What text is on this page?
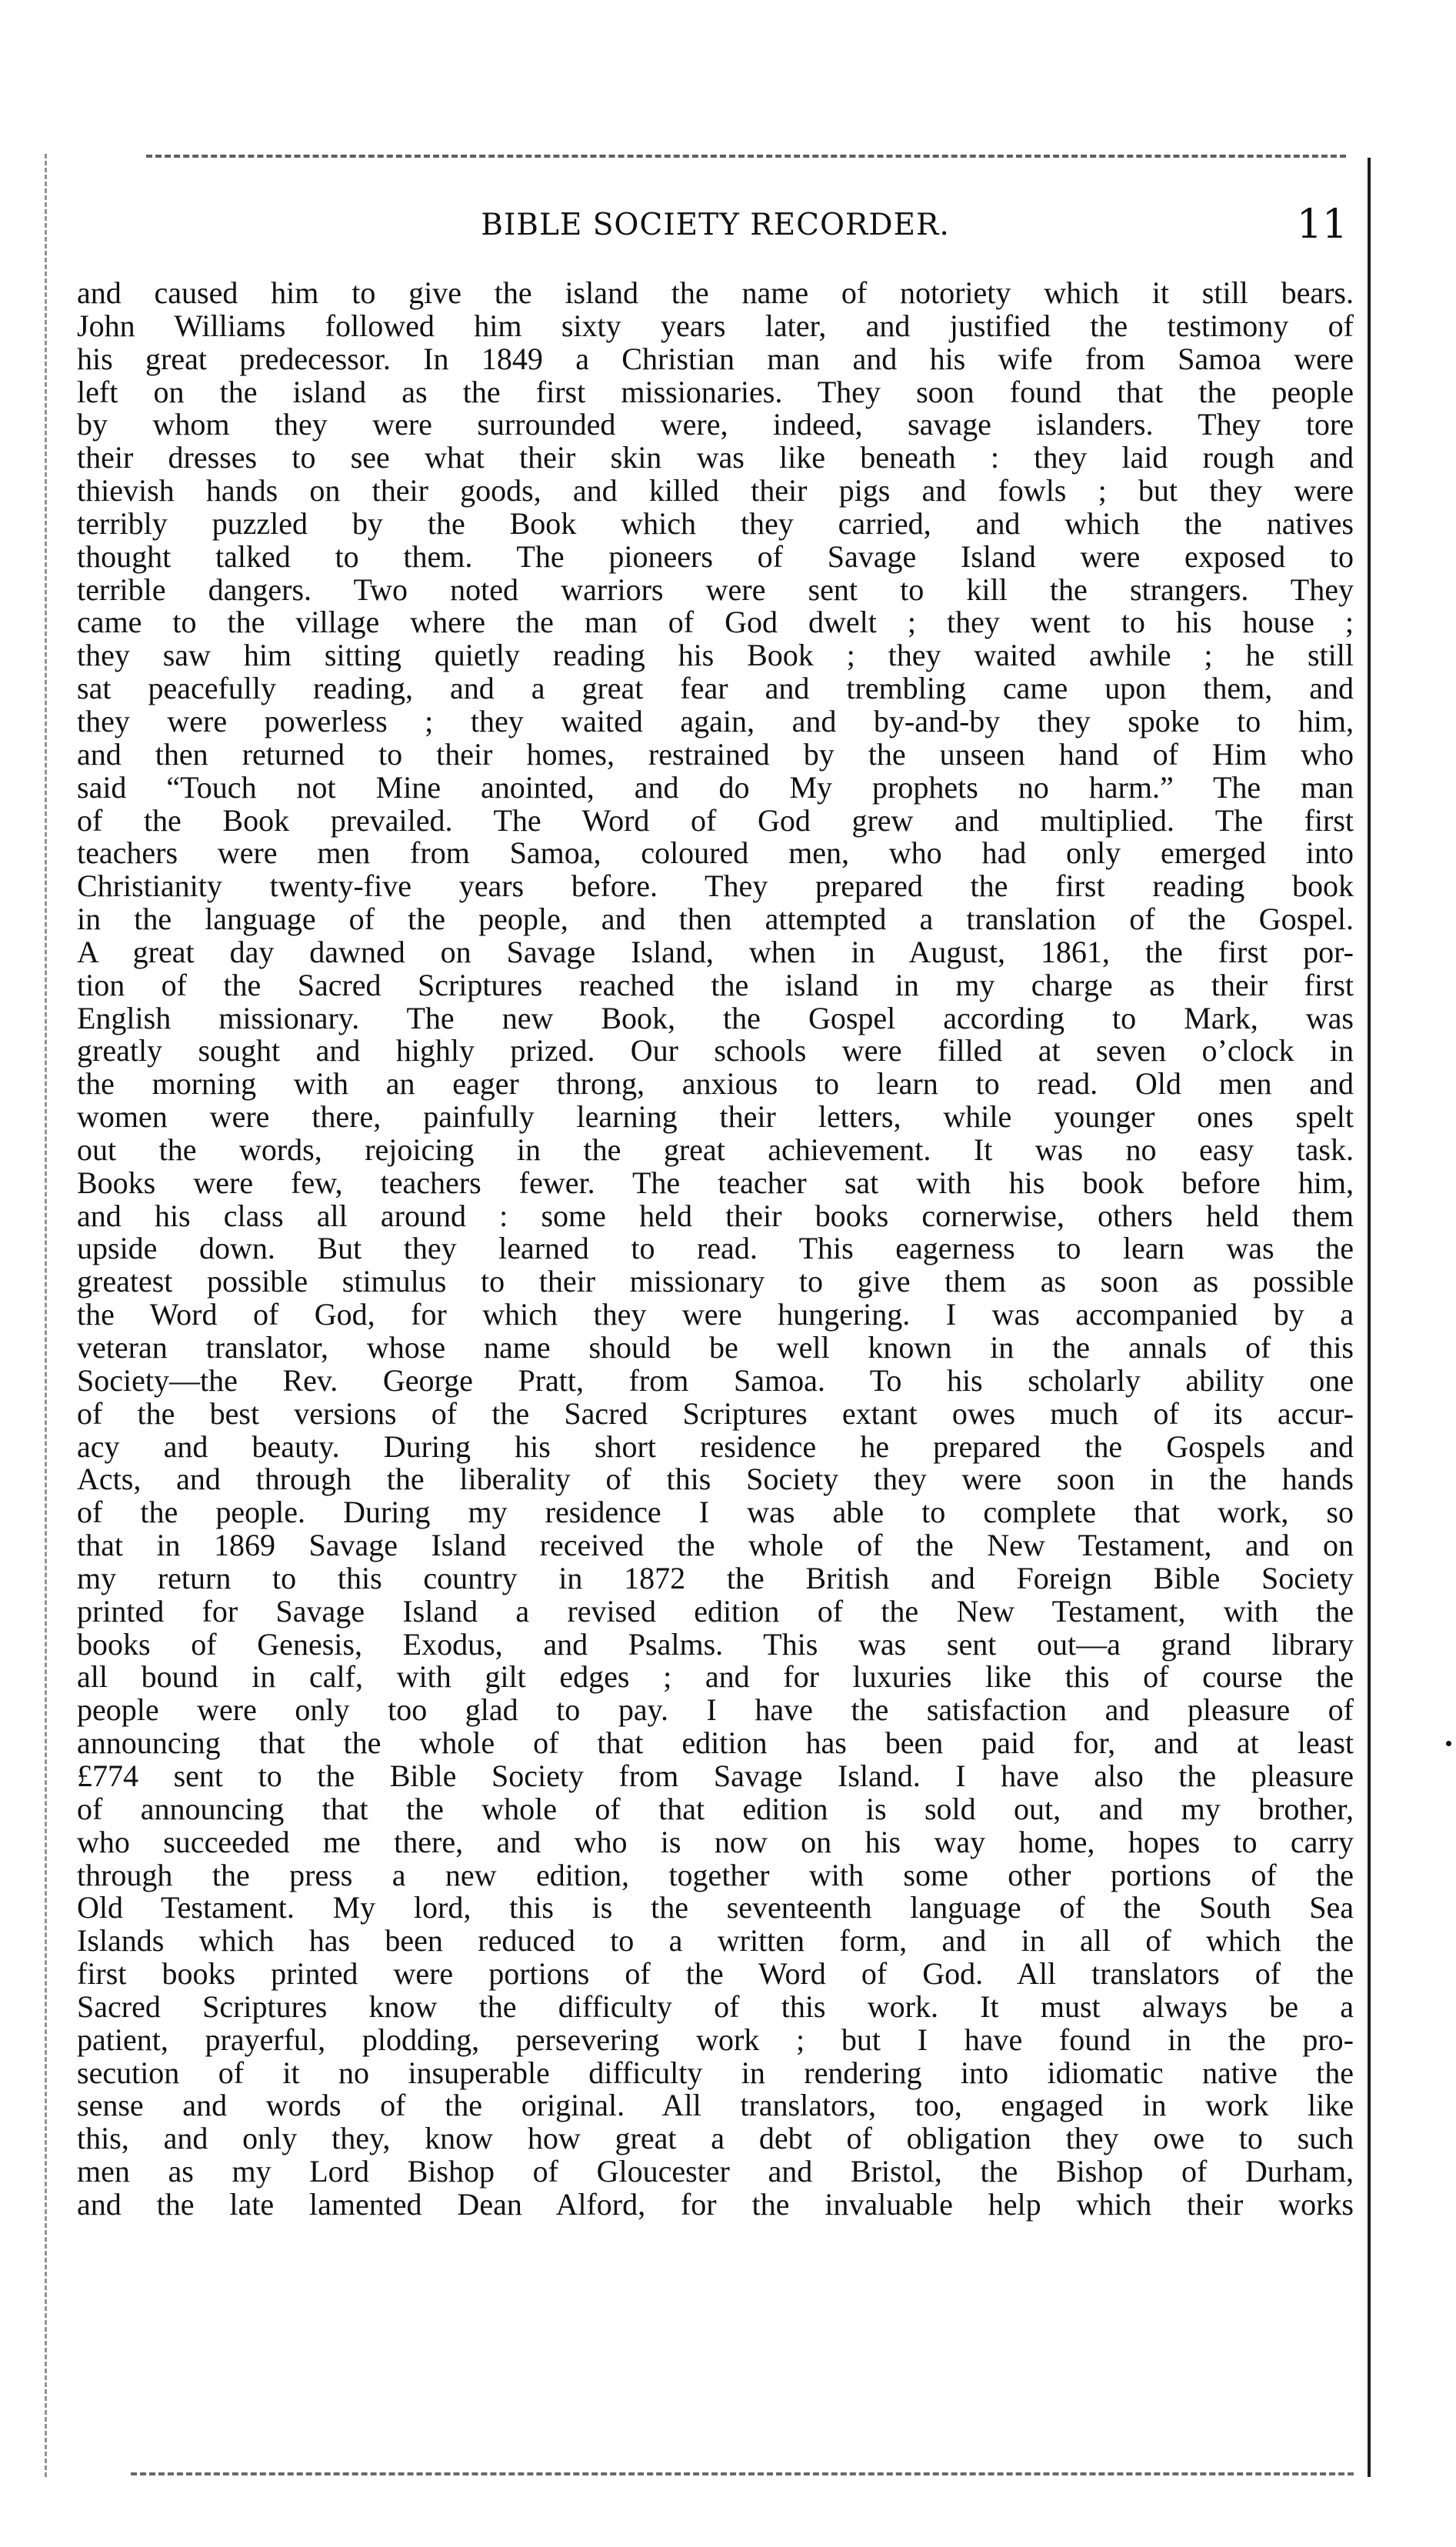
BIBLE SOCIETY RECORDER.	11
and caused him to give the island the name of notoriety which it still bears.
John Williams followed him sixty years later, and justified the testimony of
his great predecessor. In 1849 a Christian man and his wife from Samoa were
left on the island as the first missionaries. They soon found that the people
by whom they were surrounded were, indeed, savage islanders. They tore
their dresses to see what their skin was like beneath : they laid rough and
thievish hands on their goods, and killed their pigs and fowls ; but they were
terribly puzzled by the Book which they carried, and which the natives
thought talked to them. The pioneers of Savage Island were exposed to
terrible dangers. Two noted warriors were sent to kill the strangers. They
came to the village where the man of God dwelt ; they went to his house ;
they saw him sitting quietly reading his Book ; they waited awhile ; he still
sat peacefully reading, and a great fear and trembling came upon them, and
they were powerless ; they waited again, and by-and-by they spoke to him,
and then returned to their homes, restrained by the unseen hand of Him who
said “Touch not Mine anointed, and do My prophets no harm.” The man
of the Book prevailed. The Word of God grew and multiplied. The first
teachers were men from Samoa, coloured men, who had only emerged into
Christianity twenty-five years before. They prepared the first reading book
in the language of the people, and then attempted a translation of the Gospel.
A great day dawned on Savage Island, when in August, 1861, the first por-
tion of the Sacred Scriptures reached the island in my charge as their first
English missionary. The new Book, the Gospel according to Mark, was
greatly sought and highly prized. Our schools were filled at seven o’clock in
the morning with an eager throng, anxious to learn to read. Old men and
women were there, painfully learning their letters, while younger ones spelt
out the words, rejoicing in the great achievement. It was no easy task.
Books were few, teachers fewer. The teacher sat with his book before him,
and his class all around : some held their books cornerwise, others held them
upside down. But they learned to read. This eagerness to learn was the
greatest possible stimulus to their missionary to give them as soon as possible
the Word of God, for which they were hungering. I was accompanied by a
veteran translator, whose name should be well known in the annals of this
Society—the Rev. George Pratt, from Samoa. To his scholarly ability one
of the best versions of the Sacred Scriptures extant owes much of its accur-
acy and beauty. During his short residence he prepared the Gospels and
Acts, and through the liberality of this Society they were soon in the hands
of the people. During my residence I was able to complete that work, so
that in 1869 Savage Island received the whole of the New Testament, and on
my return to this country in 1872 the British and Foreign Bible Society
printed for Savage Island a revised edition of the New Testament, with the
books of Genesis, Exodus, and Psalms. This was sent out—a grand library
all bound in calf, with gilt edges ; and for luxuries like this of course the
people were only too glad to pay. I have the satisfaction and pleasure of
announcing that the whole of that edition has been paid for, and at least
£774 sent to the Bible Society from Savage Island. I have also the pleasure
of announcing that the whole of that edition is sold out, and my brother,
who succeeded me there, and who is now on his way home, hopes to carry
through the press a new edition, together with some other portions of the
Old Testament. My lord, this is the seventeenth language of the South Sea
Islands which has been reduced to a written form, and in all of which the
first books printed were portions of the Word of God. All translators of the
Sacred Scriptures know the difficulty of this work. It must always be a
patient, prayerful, plodding, persevering work ; but I have found in the pro-
secution of it no insuperable difficulty in rendering into idiomatic native the
sense and words of the original. All translators, too, engaged in work like
this, and only they, know how great a debt of obligation they owe to such
men as my Lord Bishop of Gloucester and Bristol, the Bishop of Durham,
and the late lamented Dean Alford, for the invaluable help which their works
